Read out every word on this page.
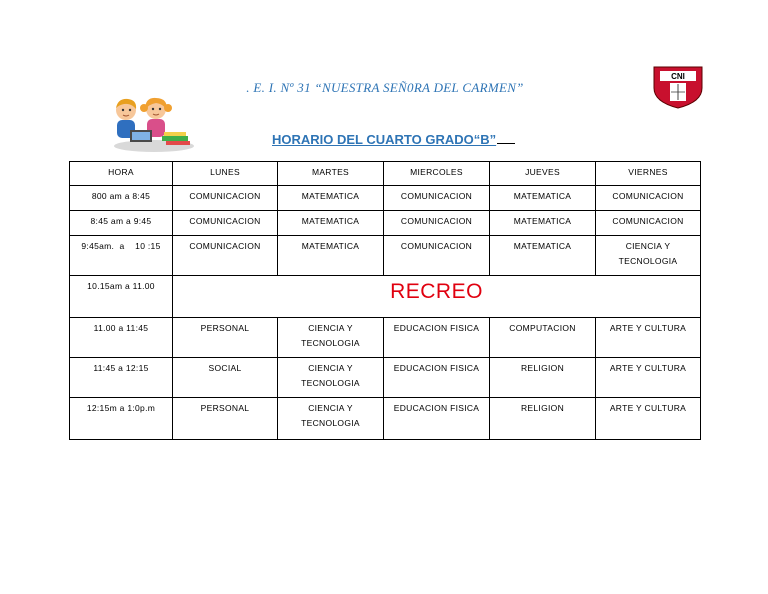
. E. I. Nº 31 “NUESTRA SEÑ0RA DEL CARMEN”
CNI
HORARIO DEL CUARTO GRADO“B”
HORA	LUNES	MARTES	MIERCOLES	JUEVES	VIERNES
800 am a 8:45	COMUNICACION	MATEMATICA	COMUNICACION	MATEMATICA	COMUNICACION
8:45 am a 9:45	COMUNICACION	MATEMATICA	COMUNICACION	MATEMATICA	COMUNICACION
9:45am.  a    10 :15	COMUNICACION	MATEMATICA	COMUNICACION	MATEMATICA	CIENCIA Y TECNOLOGIA
10.15am a 11.00	RECREO				
11.00 a 11:45	PERSONAL	CIENCIA Y TECNOLOGIA	EDUCACION FISICA	COMPUTACION	ARTE Y CULTURA
11:45 a 12:15	SOCIAL	CIENCIA Y TECNOLOGIA	EDUCACION FISICA	RELIGION	ARTE Y CULTURA
12:15m a 1:0p.m	PERSONAL	CIENCIA Y TECNOLOGIA	EDUCACION FISICA	RELIGION	ARTE Y CULTURA
